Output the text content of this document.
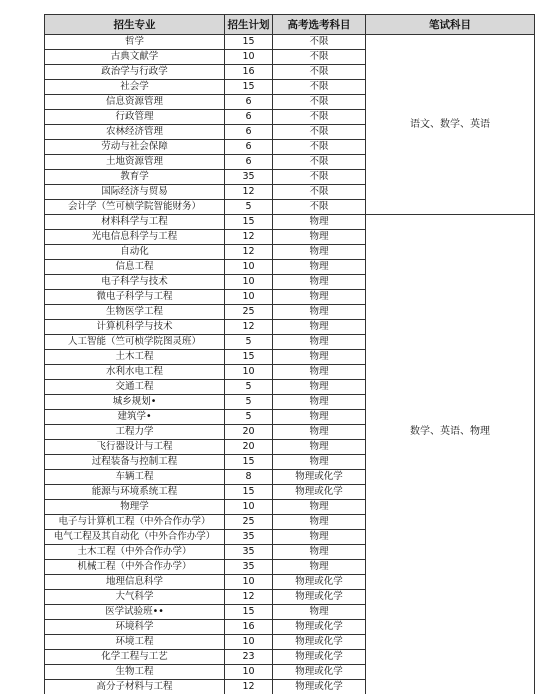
招生专业	招生计划	高考选考科目	笔试科目
哲学	15	不限	语文、数学、英语
古典文献学	10	不限	
政治学与行政学	16	不限	
社会学	15	不限	
信息资源管理	6	不限	
行政管理	6	不限	
农林经济管理	6	不限	
劳动与社会保障	6	不限	
土地资源管理	6	不限	
教育学	35	不限	
国际经济与贸易	12	不限	
会计学（竺可桢学院智能财务）	5	不限	
材料科学与工程	15	物理	数学、英语、物理
光电信息科学与工程	12	物理	
自动化	12	物理	
信息工程	10	物理	
电子科学与技术	10	物理	
微电子科学与工程	10	物理	
生物医学工程	25	物理	
计算机科学与技术	12	物理	
人工智能（竺可桢学院图灵班）	5	物理	
土木工程	15	物理	
水利水电工程	10	物理	
交通工程	5	物理	
城乡规划•	5	物理	
建筑学•	5	物理	
工程力学	20	物理	
飞行器设计与工程	20	物理	
过程装备与控制工程	15	物理	
车辆工程	8	物理或化学	
能源与环境系统工程	15	物理或化学	
物理学	10	物理	
电子与计算机工程（中外合作办学）	25	物理	
电气工程及其自动化（中外合作办学）	35	物理	
土木工程（中外合作办学）	35	物理	
机械工程（中外合作办学）	35	物理	
地理信息科学	10	物理或化学	
大气科学	12	物理或化学	
医学试验班••	15	物理	
环境科学	16	物理或化学	
环境工程	10	物理或化学	
化学工程与工艺	23	物理或化学	
生物工程	10	物理或化学	
高分子材料与工程	12	物理或化学	
